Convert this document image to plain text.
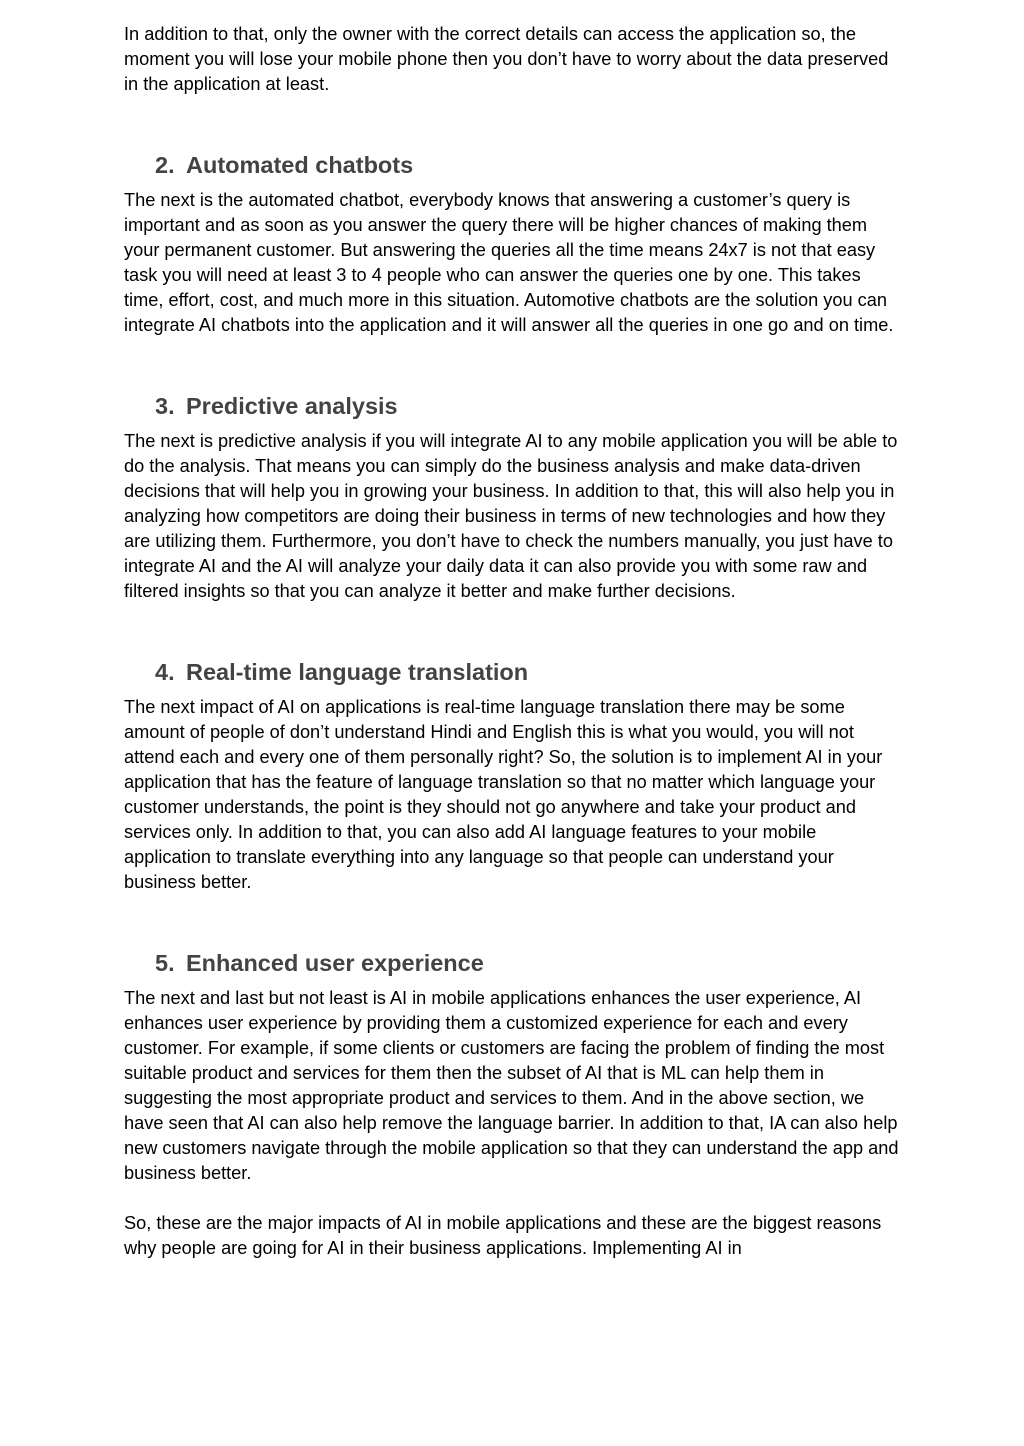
In addition to that, only the owner with the correct details can access the application so, the moment you will lose your mobile phone then you don’t have to worry about the data preserved in the application at least.

2. Automated chatbots

The next is the automated chatbot, everybody knows that answering a customer’s query is important and as soon as you answer the query there will be higher chances of making them your permanent customer. But answering the queries all the time means 24x7 is not that easy task you will need at least 3 to 4 people who can answer the queries one by one. This takes time, effort, cost, and much more in this situation. Automotive chatbots are the solution you can integrate AI chatbots into the application and it will answer all the queries in one go and on time.

3. Predictive analysis

The next is predictive analysis if you will integrate AI to any mobile application you will be able to do the analysis. That means you can simply do the business analysis and make data-driven decisions that will help you in growing your business. In addition to that, this will also help you in analyzing how competitors are doing their business in terms of new technologies and how they are utilizing them. Furthermore, you don’t have to check the numbers manually, you just have to integrate AI and the AI will analyze your daily data it can also provide you with some raw and filtered insights so that you can analyze it better and make further decisions.

4. Real-time language translation

The next impact of AI on applications is real-time language translation there may be some amount of people of don’t understand Hindi and English this is what you would, you will not attend each and every one of them personally right? So, the solution is to implement AI in your application that has the feature of language translation so that no matter which language your customer understands, the point is they should not go anywhere and take your product and services only. In addition to that, you can also add AI language features to your mobile application to translate everything into any language so that people can understand your business better.

5. Enhanced user experience

The next and last but not least is AI in mobile applications enhances the user experience, AI enhances user experience by providing them a customized experience for each and every customer. For example, if some clients or customers are facing the problem of finding the most suitable product and services for them then the subset of AI that is ML can help them in suggesting the most appropriate product and services to them. And in the above section, we have seen that AI can also help remove the language barrier. In addition to that, IA can also help new customers navigate through the mobile application so that they can understand the app and business better.

So, these are the major impacts of AI in mobile applications and these are the biggest reasons why people are going for AI in their business applications. Implementing AI in
